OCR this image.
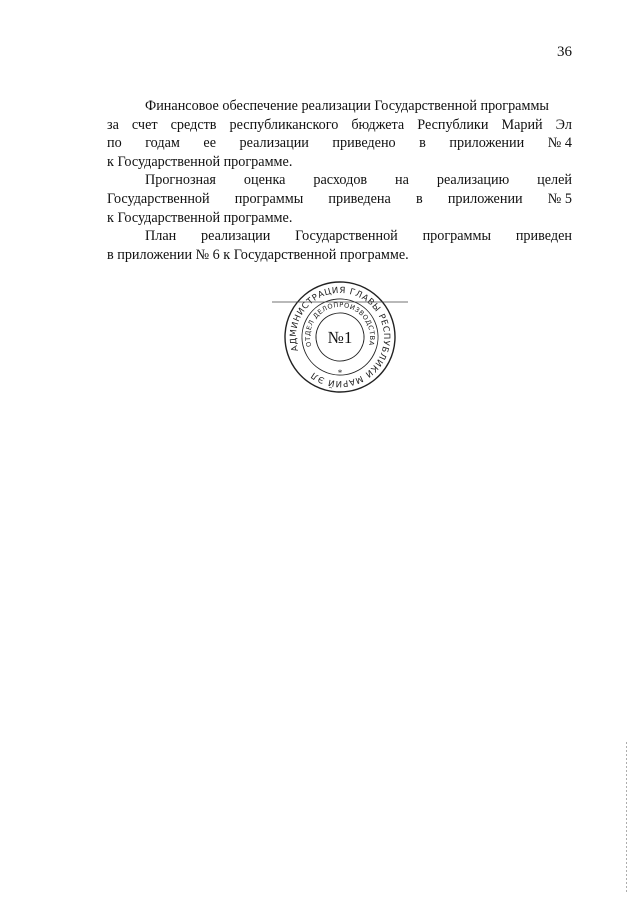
36
Финансовое обеспечение реализации Государственной программы
за счет средств республиканского бюджета Республики Марий Эл
по годам ее реализации приведено в приложении № 4
к Государственной программе.
Прогнозная оценка расходов на реализацию целей
Государственной программы приведена в приложении № 5
к Государственной программе.
План реализации Государственной программы приведен
в приложении № 6 к Государственной программе.
АДМИНИСТРАЦИЯ ГЛАВЫ РЕСПУБЛИКИ МАРИЙ ЭЛ
ОТДЕЛ ДЕЛОПРОИЗВОДСТВА
№1
*
